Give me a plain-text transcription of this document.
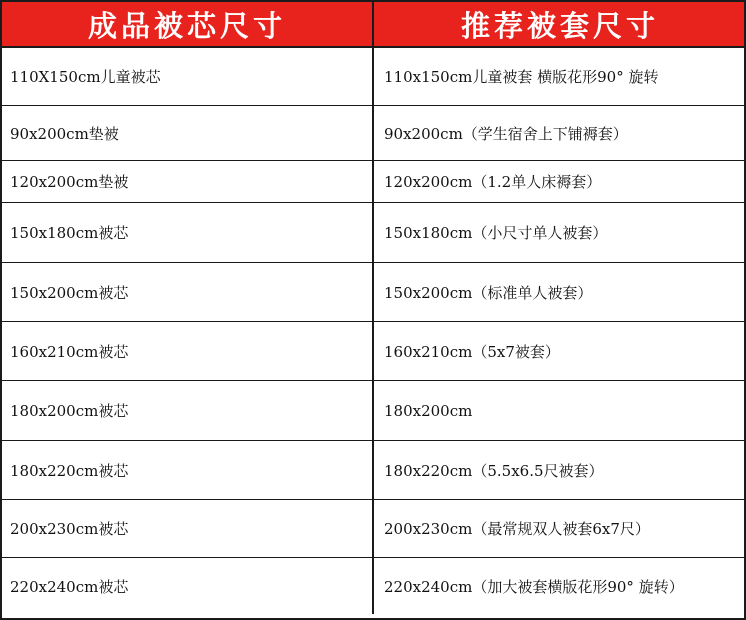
成品被芯尺寸	推荐被套尺寸
110X150cm儿童被芯	110x150cm儿童被套 横版花形90° 旋转
90x200cm垫被	90x200cm（学生宿舍上下铺褥套）
120x200cm垫被	120x200cm（1.2单人床褥套）
150x180cm被芯	150x180cm（小尺寸单人被套）
150x200cm被芯	150x200cm（标准单人被套）
160x210cm被芯	160x210cm（5x7被套）
180x200cm被芯	180x200cm
180x220cm被芯	180x220cm（5.5x6.5尺被套）
200x230cm被芯	200x230cm（最常规双人被套6x7尺）
220x240cm被芯	220x240cm（加大被套横版花形90° 旋转）
